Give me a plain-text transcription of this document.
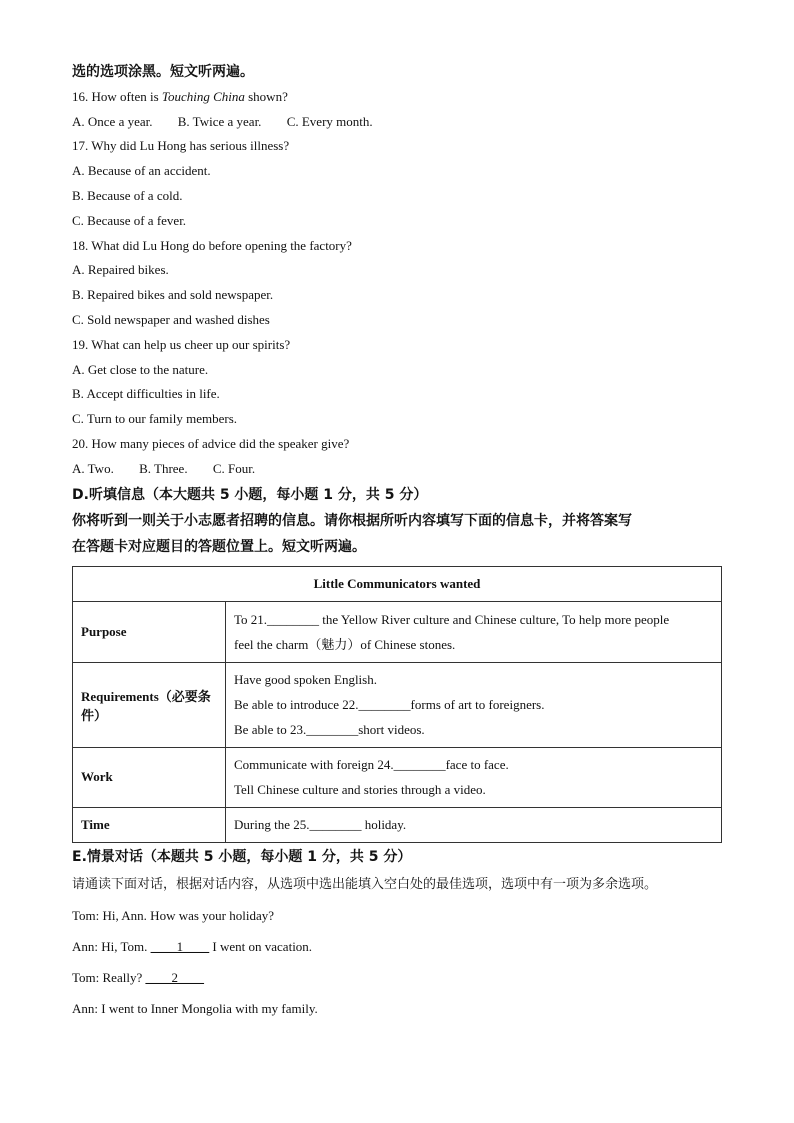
选的选项涂黑。短文听两遍。
16. How often is Touching China shown?
A. Once a year. B. Twice a year. C. Every month.
17. Why did Lu Hong has serious illness?
A. Because of an accident.
B. Because of a cold.
C. Because of a fever.
18. What did Lu Hong do before opening the factory?
A. Repaired bikes.
B. Repaired bikes and sold newspaper.
C. Sold newspaper and washed dishes
19. What can help us cheer up our spirits?
A. Get close to the nature.
B. Accept difficulties in life.
C. Turn to our family members.
20. How many pieces of advice did the speaker give?
A. Two. B. Three. C. Four.
D.听填信息（本大题共 5 小题，每小题 1 分，共 5 分）
你将听到一则关于小志愿者招聘的信息。请你根据所听内容填写下面的信息卡，并将答案写
在答题卡对应题目的答题位置上。短文听两遍。
Little Communicators wanted	
Purpose	To 21.________ the Yellow River culture and Chinese culture, To help more people
feel the charm（魅力）of Chinese stones.

Requirements（必要条件）	Have good spoken English.
Be able to introduce 22.________forms of art to foreigners.
Be able to 23.________short videos.

Work	Communicate with foreign 24.________face to face.
Tell Chinese culture and stories through a video.

Time	During the 25.________ holiday.
E.情景对话（本题共 5 小题，每小题 1 分，共 5 分）
请通读下面对话，根据对话内容，从选项中选出能填入空白处的最佳选项，选项中有一项为多余选项。
Tom: Hi, Ann. How was your holiday?
Ann: Hi, Tom. ____1____ I went on vacation.
Tom: Really? ____2____
Ann: I went to Inner Mongolia with my family.
